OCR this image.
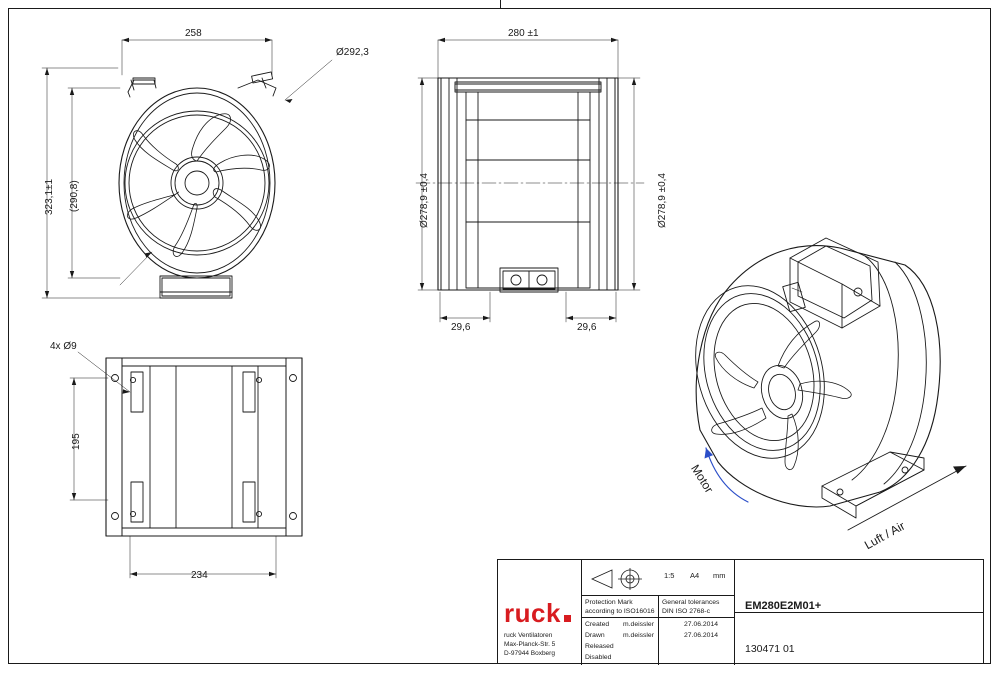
258
Ø292,3
323,1±1 (290,8)
280 ±1
Ø278,9 ±0,4	Ø278,9 ±0,4
29,6	29,6
4x Ø9
195
234
Motor
Luft / Air
ruck
ruck Ventilatoren
Max-Planck-Str. 5
D-97944 Boxberg
1:5 A4 mm
Protection Mark
according to ISO16016
General tolerances
DIN ISO 2768-c
Created m.deissler	27.06.2014
Drawn	m.deissler	27.06.2014
Released
Disabled
EM280E2M01+
130471 01
